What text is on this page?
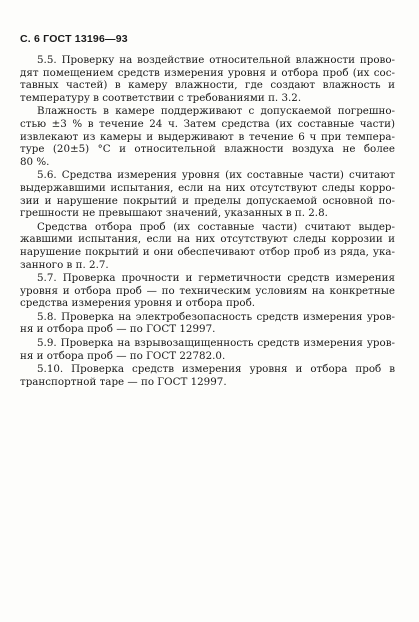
С. 6 ГОСТ 13196—93
5.5. Проверку на воздействие относительной влажности прово-
дят помещением средств измерения уровня и отбора проб (их сос-
тавных частей) в камеру влажности, где создают влажность и
температуру в соответствии с требованиями п. 3.2.
Влажность в камере поддерживают с допускаемой погрешно-
стью ±3 % в течение 24 ч. Затем средства (их составные части)
извлекают из камеры и выдерживают в течение 6 ч при темпера-
туре (20±5) °С и относительной влажности воздуха не более
80 %.
5.6. Средства измерения уровня (их составные части) считают
выдержавшими испытания, если на них отсутствуют следы корро-
зии и нарушение покрытий и пределы допускаемой основной по-
грешности не превышают значений, указанных в п. 2.8.
Средства отбора проб (их составные части) считают выдер-
жавшими испытания, если на них отсутствуют следы коррозии и
нарушение покрытий и они обеспечивают отбор проб из ряда, ука-
занного в п. 2.7.
5.7. Проверка прочности и герметичности средств измерения
уровня и отбора проб — по техническим условиям на конкретные
средства измерения уровня и отбора проб.
5.8. Проверка на электробезопасность средств измерения уров-
ня и отбора проб — по ГОСТ 12997.
5.9. Проверка на взрывозащищенность средств измерения уров-
ня и отбора проб — по ГОСТ 22782.0.
5.10. Проверка средств измерения уровня и отбора проб в
транспортной таре — по ГОСТ 12997.
